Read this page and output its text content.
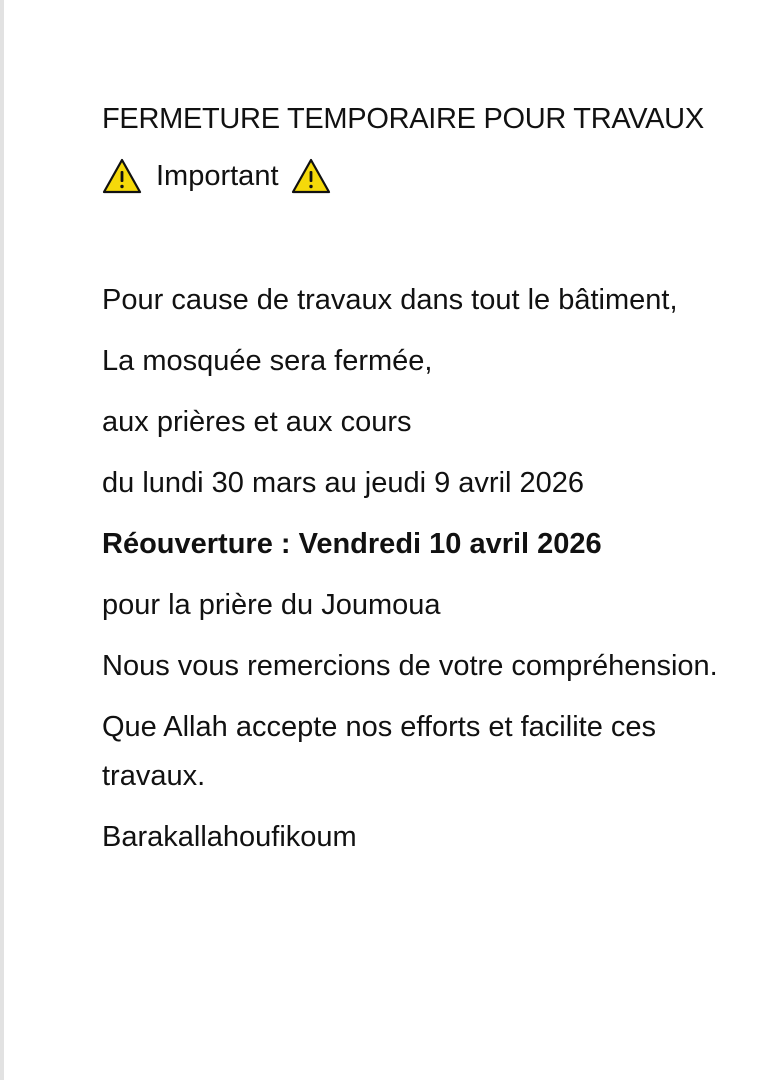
FERMETURE TEMPORAIRE POUR TRAVAUX
Important

Pour cause de travaux dans tout le bâtiment,

La mosquée sera fermée,

aux prières et aux cours

du lundi 30 mars au jeudi 9 avril 2026

Réouverture : Vendredi 10 avril 2026

pour la prière du Joumoua

Nous vous remercions de votre compréhension.

Que Allah accepte nos efforts et facilite ces travaux.

Barakallahoufikoum
